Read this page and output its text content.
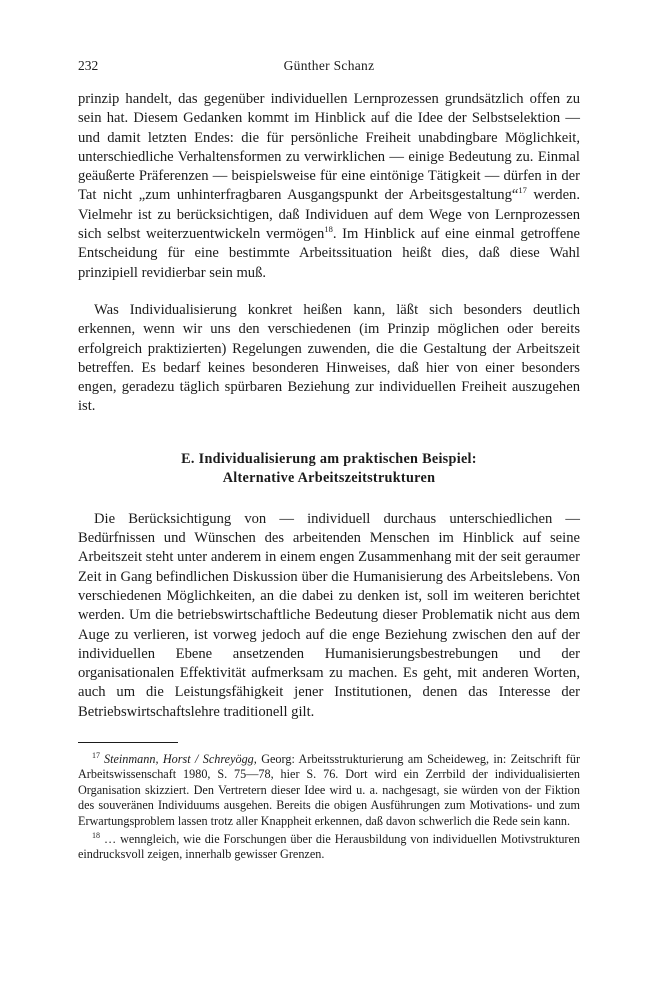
232	Günther Schanz

prinzip handelt, das gegenüber individuellen Lernprozessen grundsätzlich offen zu sein hat. Diesem Gedanken kommt im Hinblick auf die Idee der Selbstselektion — und damit letzten Endes: die für persönliche Freiheit unabdingbare Möglichkeit, unterschiedliche Verhaltensformen zu verwirklichen — einige Bedeutung zu. Einmal geäußerte Präferenzen — beispielsweise für eine eintönige Tätigkeit — dürfen in der Tat nicht „zum unhinterfragbaren Ausgangspunkt der Arbeitsgestaltung“$^{17}$ werden. Vielmehr ist zu berücksichtigen, daß Individuen auf dem Wege von Lernprozessen sich selbst weiterzuentwickeln vermögen$^{18}$. Im Hinblick auf eine einmal getroffene Entscheidung für eine bestimmte Arbeitssituation heißt dies, daß diese Wahl prinzipiell revidierbar sein muß.

Was Individualisierung konkret heißen kann, läßt sich besonders deutlich erkennen, wenn wir uns den verschiedenen (im Prinzip möglichen oder bereits erfolgreich praktizierten) Regelungen zuwenden, die die Gestaltung der Arbeitszeit betreffen. Es bedarf keines besonderen Hinweises, daß hier von einer besonders engen, geradezu täglich spürbaren Beziehung zur individuellen Freiheit auszugehen ist.

E. Individualisierung am praktischen Beispiel:
Alternative Arbeitszeitstrukturen

Die Berücksichtigung von — individuell durchaus unterschiedlichen — Bedürfnissen und Wünschen des arbeitenden Menschen im Hinblick auf seine Arbeitszeit steht unter anderem in einem engen Zusammenhang mit der seit geraumer Zeit in Gang befindlichen Diskussion über die Humanisierung des Arbeitslebens. Von verschiedenen Möglichkeiten, an die dabei zu denken ist, soll im weiteren berichtet werden. Um die betriebswirtschaftliche Bedeutung dieser Problematik nicht aus dem Auge zu verlieren, ist vorweg jedoch auf die enge Beziehung zwischen den auf der individuellen Ebene ansetzenden Humanisierungsbestrebungen und der organisationalen Effektivität aufmerksam zu machen. Es geht, mit anderen Worten, auch um die Leistungsfähigkeit jener Institutionen, denen das Interesse der Betriebswirtschaftslehre traditionell gilt.

$^{17}$ Steinmann, Horst / Schreyögg, Georg: Arbeitsstrukturierung am Scheideweg, in: Zeitschrift für Arbeitswissenschaft 1980, S. 75—78, hier S. 76. Dort wird ein Zerrbild der individualisierten Organisation skizziert. Den Vertretern dieser Idee wird u. a. nachgesagt, sie würden von der Fiktion des souveränen Individuums ausgehen. Bereits die obigen Ausführungen zum Motivations- und zum Erwartungsproblem lassen trotz aller Knappheit erkennen, daß davon schwerlich die Rede sein kann.

$^{18}$ … wenngleich, wie die Forschungen über die Herausbildung von individuellen Motivstrukturen eindrucksvoll zeigen, innerhalb gewisser Grenzen.
